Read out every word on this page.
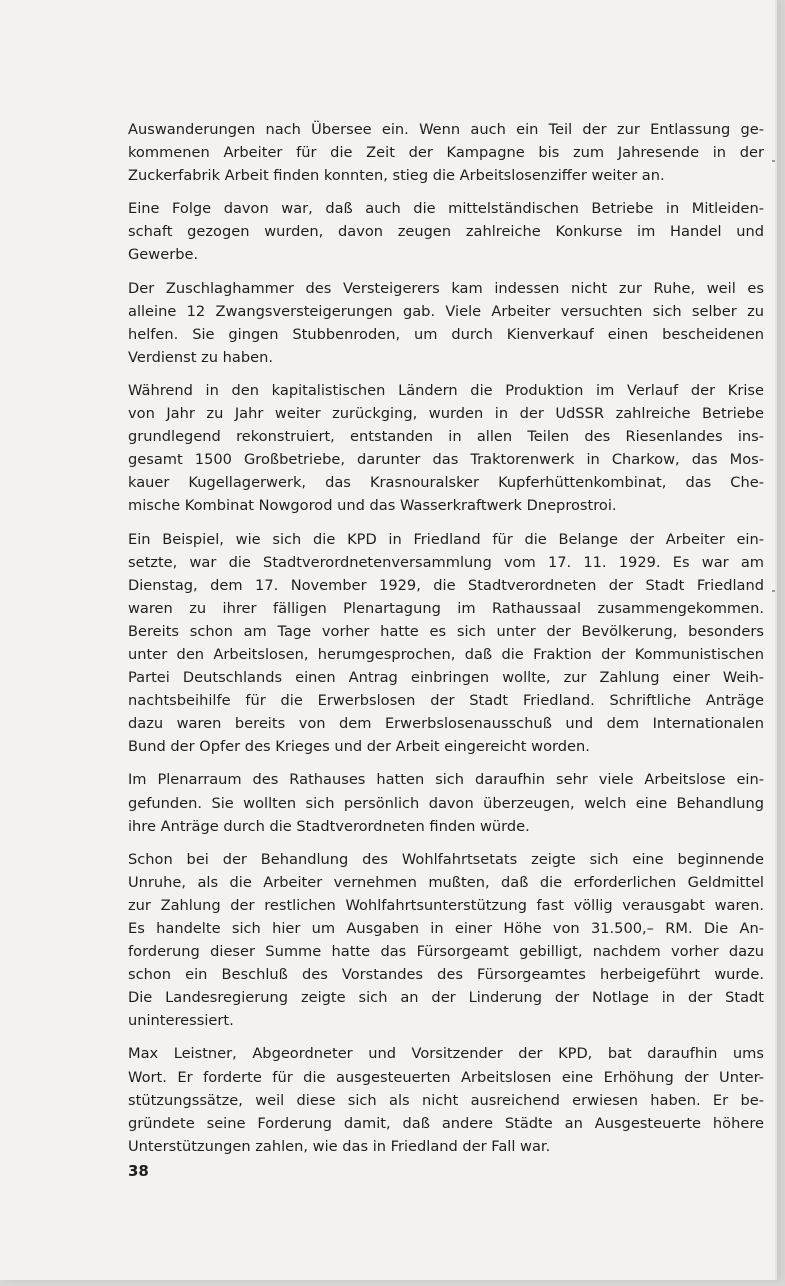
Auswanderungen nach Übersee ein. Wenn auch ein Teil der zur Entlassung ge-
kommenen Arbeiter für die Zeit der Kampagne bis zum Jahresende in der
Zuckerfabrik Arbeit finden konnten, stieg die Arbeitslosenziffer weiter an.
Eine Folge davon war, daß auch die mittelständischen Betriebe in Mitleiden-
schaft gezogen wurden, davon zeugen zahlreiche Konkurse im Handel und
Gewerbe.
Der Zuschlaghammer des Versteigerers kam indessen nicht zur Ruhe, weil es
alleine 12 Zwangsversteigerungen gab. Viele Arbeiter versuchten sich selber zu
helfen. Sie gingen Stubbenroden, um durch Kienverkauf einen bescheidenen
Verdienst zu haben.
Während in den kapitalistischen Ländern die Produktion im Verlauf der Krise
von Jahr zu Jahr weiter zurückging, wurden in der UdSSR zahlreiche Betriebe
grundlegend rekonstruiert, entstanden in allen Teilen des Riesenlandes ins-
gesamt 1500 Großbetriebe, darunter das Traktorenwerk in Charkow, das Mos-
kauer Kugellagerwerk, das Krasnouralsker Kupferhüttenkombinat, das Che-
mische Kombinat Nowgorod und das Wasserkraftwerk Dneprostroi.
Ein Beispiel, wie sich die KPD in Friedland für die Belange der Arbeiter ein-
setzte, war die Stadtverordnetenversammlung vom 17. 11. 1929. Es war am
Dienstag, dem 17. November 1929, die Stadtverordneten der Stadt Friedland
waren zu ihrer fälligen Plenartagung im Rathaussaal zusammengekommen.
Bereits schon am Tage vorher hatte es sich unter der Bevölkerung, besonders
unter den Arbeitslosen, herumgesprochen, daß die Fraktion der Kommunistischen
Partei Deutschlands einen Antrag einbringen wollte, zur Zahlung einer Weih-
nachtsbeihilfe für die Erwerbslosen der Stadt Friedland. Schriftliche Anträge
dazu waren bereits von dem Erwerbslosenausschuß und dem Internationalen
Bund der Opfer des Krieges und der Arbeit eingereicht worden.
Im Plenarraum des Rathauses hatten sich daraufhin sehr viele Arbeitslose ein-
gefunden. Sie wollten sich persönlich davon überzeugen, welch eine Behandlung
ihre Anträge durch die Stadtverordneten finden würde.
Schon bei der Behandlung des Wohlfahrtsetats zeigte sich eine beginnende
Unruhe, als die Arbeiter vernehmen mußten, daß die erforderlichen Geldmittel
zur Zahlung der restlichen Wohlfahrtsunterstützung fast völlig verausgabt waren.
Es handelte sich hier um Ausgaben in einer Höhe von 31.500,– RM. Die An-
forderung dieser Summe hatte das Fürsorgeamt gebilligt, nachdem vorher dazu
schon ein Beschluß des Vorstandes des Fürsorgeamtes herbeigeführt wurde.
Die Landesregierung zeigte sich an der Linderung der Notlage in der Stadt
uninteressiert.
Max Leistner, Abgeordneter und Vorsitzender der KPD, bat daraufhin ums
Wort. Er forderte für die ausgesteuerten Arbeitslosen eine Erhöhung der Unter-
stützungssätze, weil diese sich als nicht ausreichend erwiesen haben. Er be-
gründete seine Forderung damit, daß andere Städte an Ausgesteuerte höhere
Unterstützungen zahlen, wie das in Friedland der Fall war.
38
